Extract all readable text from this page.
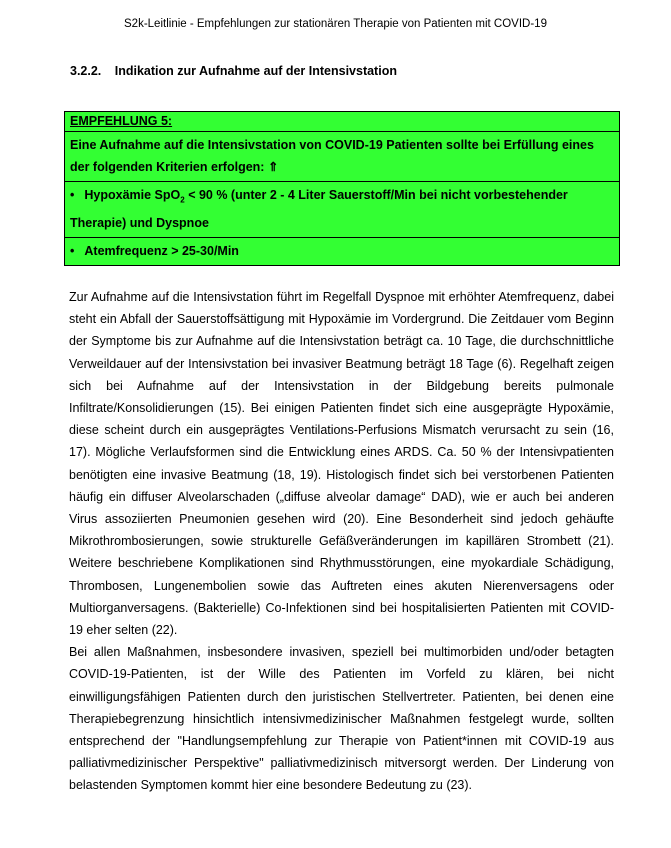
S2k-Leitlinie - Empfehlungen zur stationären Therapie von Patienten mit COVID-19
3.2.2. Indikation zur Aufnahme auf der Intensivstation
EMPFEHLUNG 5:
Eine Aufnahme auf die Intensivstation von COVID-19 Patienten sollte bei Erfüllung eines der folgenden Kriterien erfolgen: ⇑
• Hypoxämie SpO$_2$ < 90 % (unter 2 - 4 Liter Sauerstoff/Min bei nicht vorbestehender Therapie) und Dyspnoe
• Atemfrequenz > 25-30/Min

Zur Aufnahme auf die Intensivstation führt im Regelfall Dyspnoe mit erhöhter Atemfrequenz, dabei steht ein Abfall der Sauerstoffsättigung mit Hypoxämie im Vordergrund. Die Zeitdauer vom Beginn der Symptome bis zur Aufnahme auf die Intensivstation beträgt ca. 10 Tage, die durchschnittliche Verweildauer auf der Intensivstation bei invasiver Beatmung beträgt 18 Tage (6). Regelhaft zeigen sich bei Aufnahme auf der Intensivstation in der Bildgebung bereits pulmonale Infiltrate/Konsolidierungen (15). Bei einigen Patienten findet sich eine ausgeprägte Hypoxämie, diese scheint durch ein ausgeprägtes Ventilations-Perfusions Mismatch verursacht zu sein (16, 17). Mögliche Verlaufsformen sind die Entwicklung eines ARDS. Ca. 50 % der Intensivpatienten benötigten eine invasive Beatmung (18, 19). Histologisch findet sich bei verstorbenen Patienten häufig ein diffuser Alveolarschaden („diffuse alveolar damage“ DAD), wie er auch bei anderen Virus assoziierten Pneumonien gesehen wird (20). Eine Besonderheit sind jedoch gehäufte Mikrothrombosierungen, sowie strukturelle Gefäßveränderungen im kapillären Strombett (21). Weitere beschriebene Komplikationen sind Rhythmusstörungen, eine myokardiale Schädigung, Thrombosen, Lungenembolien sowie das Auftreten eines akuten Nierenversagens oder Multiorganversagens. (Bakterielle) Co-Infektionen sind bei hospitalisierten Patienten mit COVID-19 eher selten (22).

Bei allen Maßnahmen, insbesondere invasiven, speziell bei multimorbiden und/oder betagten COVID-19-Patienten, ist der Wille des Patienten im Vorfeld zu klären, bei nicht einwilligungsfähigen Patienten durch den juristischen Stellvertreter. Patienten, bei denen eine Therapiebegrenzung hinsichtlich intensivmedizinischer Maßnahmen festgelegt wurde, sollten entsprechend der "Handlungsempfehlung zur Therapie von Patient*innen mit COVID-19 aus palliativmedizinischer Perspektive" palliativmedizinisch mitversorgt werden. Der Linderung von belastenden Symptomen kommt hier eine besondere Bedeutung zu (23).
